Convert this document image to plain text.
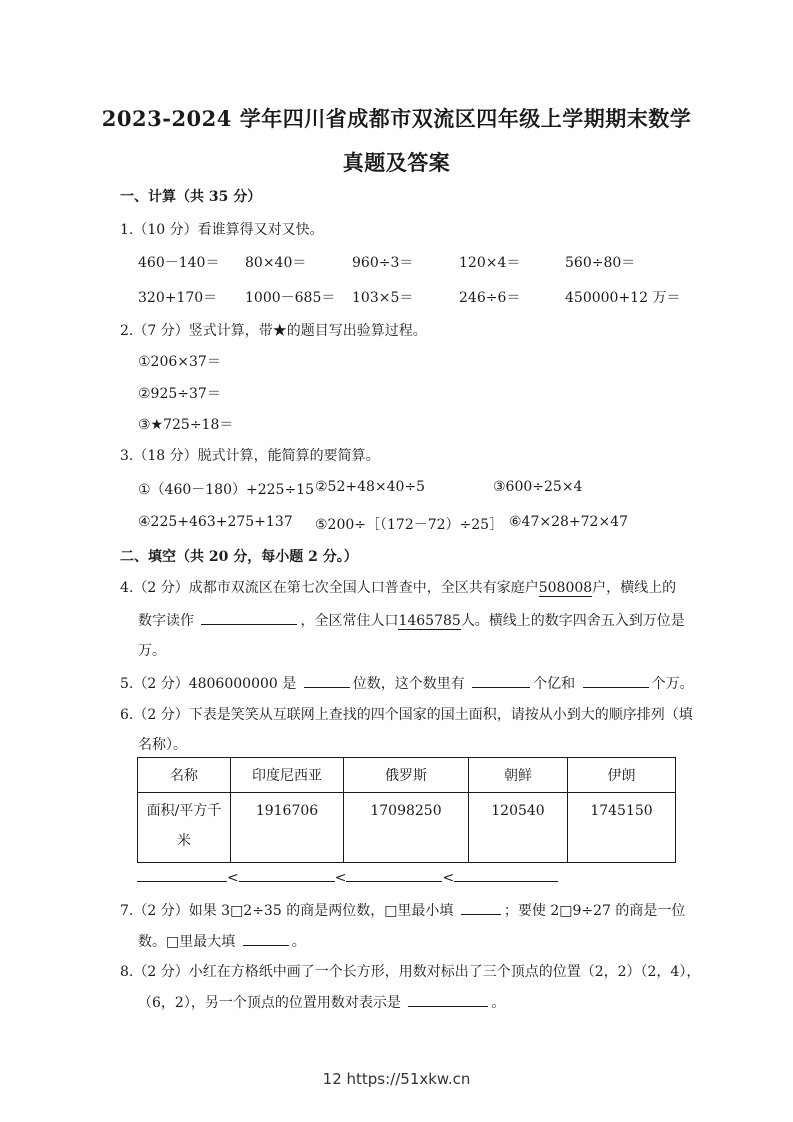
2023-2024 学年四川省成都市双流区四年级上学期期末数学
真题及答案
一、计算（共 35 分）
1.（10 分）看谁算得又对又快。
460－140＝ 80×40＝	960÷3＝	120×4＝	560÷80＝
320+170＝ 1000－685＝ 103×5＝	246÷6＝	450000+12 万＝
2.（7 分）竖式计算，带★的题目写出验算过程。
①206×37＝
②925÷37＝
③★725÷18＝
3.（18 分）脱式计算，能简算的要简算。
①（460－180）+225÷15 ②52+48×40÷5	③600÷25×4
④225+463+275+137 ⑤200÷［（172－72）÷25］ ⑥47×28+72×47
二、填空（共 20 分，每小题 2 分。）
4.（2 分）成都市双流区在第七次全国人口普查中，全区共有家庭户508008户，横线上的
数字读作	，全区常住人口1465785人。横线上的数字四舍五入到万位是
万。
5.（2 分）4806000000 是	位数，这个数里有	个亿和	个万。
6.（2 分）下表是笑笑从互联网上查找的四个国家的国土面积，请按从小到大的顺序排列（填
名称）。
名称	印度尼西亚	俄罗斯	朝鲜	伊朗
面积/平方千
米	1916706	17098250	120540	1745150
<	<	<
7.（2 分）如果 3□2÷35 的商是两位数，□里最小填	；要使 2□9÷27 的商是一位
数。□里最大填	。
8.（2 分）小红在方格纸中画了一个长方形，用数对标出了三个顶点的位置（2，2）（2，4），
（6，2），另一个顶点的位置用数对表示是	。
12 https://51xkw.cn
